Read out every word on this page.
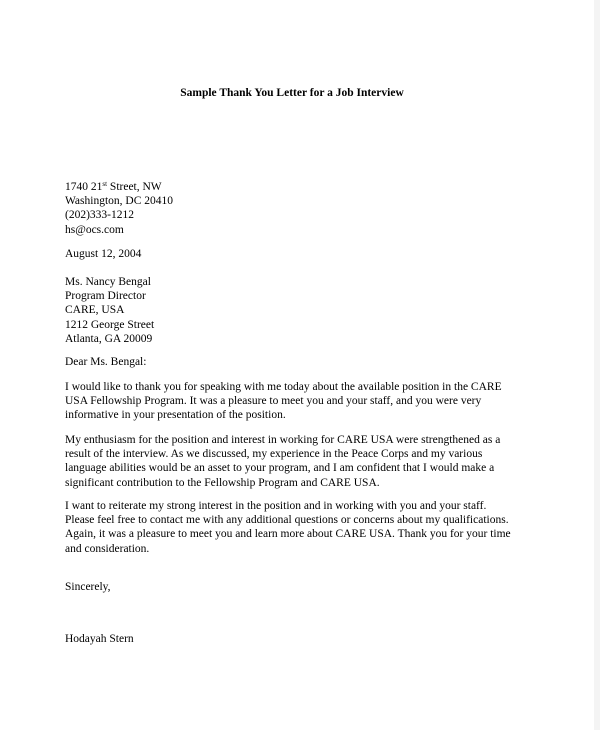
Sample Thank You Letter for a Job Interview
1740 21st Street, NW
Washington, DC 20410
(202)333-1212
hs@ocs.com
August 12, 2004
Ms. Nancy Bengal
Program Director
CARE, USA
1212 George Street
Atlanta, GA 20009
Dear Ms. Bengal:
I would like to thank you for speaking with me today about the available position in the CARE
USA Fellowship Program. It was a pleasure to meet you and your staff, and you were very
informative in your presentation of the position.
My enthusiasm for the position and interest in working for CARE USA were strengthened as a
result of the interview. As we discussed, my experience in the Peace Corps and my various
language abilities would be an asset to your program, and I am confident that I would make a
significant contribution to the Fellowship Program and CARE USA.
I want to reiterate my strong interest in the position and in working with you and your staff.
Please feel free to contact me with any additional questions or concerns about my qualifications.
Again, it was a pleasure to meet you and learn more about CARE USA. Thank you for your time
and consideration.
Sincerely,
Hodayah Stern
